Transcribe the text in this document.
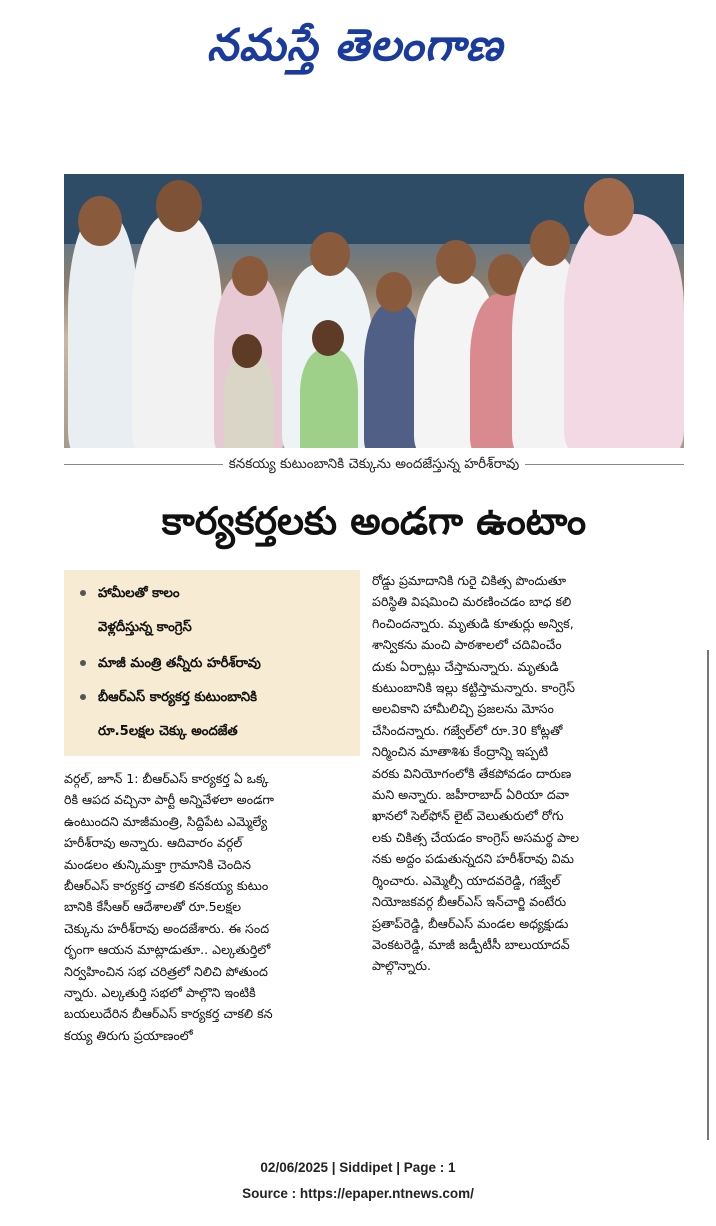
నమస్తే తెలంగాణ
కనకయ్య కుటుంబానికి చెక్కును అందజేస్తున్న హరీశ్‌రావు
కార్యకర్తలకు అండగా ఉంటాం
హామీలతో కాలం
వెళ్లదీస్తున్న కాంగ్రెస్
మాజీ మంత్రి తన్నీరు హరీశ్‌రావు
బీఆర్‌ఎస్ కార్యకర్త కుటుంబానికి
రూ.5లక్షల చెక్కు అందజేత

వర్గల్, జూన్ 1: బీఆర్‌ఎస్ కార్యకర్త ఏ ఒక్క

రికి ఆపద వచ్చినా పార్టీ అన్నివేళలా అండగా

ఉంటుందని మాజీమంత్రి, సిద్దిపేట ఎమ్మెల్యే

హరీశ్‌రావు అన్నారు. ఆదివారం వర్గల్

మండలం తున్కిమక్తా గ్రామానికి చెందిన

బీఆర్‌ఎస్ కార్యకర్త చాకలి కనకయ్య కుటుం

బానికి కేసీఆర్ ఆదేశాలతో రూ.5లక్షల

చెక్కును హరీశ్‌రావు అందజేశారు. ఈ సంద

ర్భంగా ఆయన మాట్లాడుతూ.. ఎల్కతుర్తిలో

నిర్వహించిన సభ చరిత్రలో నిలిచి పోతుంద

న్నారు. ఎల్కతుర్తి సభలో పాల్గొని ఇంటికి

బయలుదేరిన బీఆర్‌ఎస్ కార్యకర్త చాకలి కన

కయ్య తిరుగు ప్రయాణంలో

రోడ్డు ప్రమాదానికి గురై చికిత్స పొందుతూ

పరిస్థితి విషమించి మరణించడం బాధ కలి

గించిందన్నారు. మృతుడి కూతుర్లు అన్విక,

శాన్వికను మంచి పాఠశాలలో చదివించేం

దుకు ఏర్పాట్లు చేస్తామన్నారు. మృతుడి

కుటుంబానికి ఇల్లు కట్టిస్తామన్నారు. కాంగ్రెస్

అలవికాని హామీలిచ్చి ప్రజలను మోసం

చేసిందన్నారు. గజ్వేల్‌లో రూ.30 కోట్లతో

నిర్మించిన మాతాశిశు కేంద్రాన్ని ఇప్పటి

వరకు వినియోగంలోకి తేకపోవడం దారుణ

మని అన్నారు. జహీరాబాద్ ఏరియా దవా

ఖానలో సెల్‌ఫోన్ లైట్ వెలుతురులో రోగు

లకు చికిత్స చేయడం కాంగ్రెస్ అసమర్థ పాల

నకు అద్దం పడుతున్నదని హరీశ్‌రావు విమ

ర్శించారు. ఎమ్మెల్సీ యాదవరెడ్డి, గజ్వేల్

నియోజకవర్గ బీఆర్‌ఎస్ ఇన్‌చార్జి వంటేరు

ప్రతాప్‌రెడ్డి, బీఆర్‌ఎస్ మండల అధ్యక్షుడు

వెంకటరెడ్డి, మాజీ జడ్పీటీసీ బాలుయాదవ్

పాల్గొన్నారు.

02/06/2025 | Siddipet | Page : 1
Source : https://epaper.ntnews.com/
